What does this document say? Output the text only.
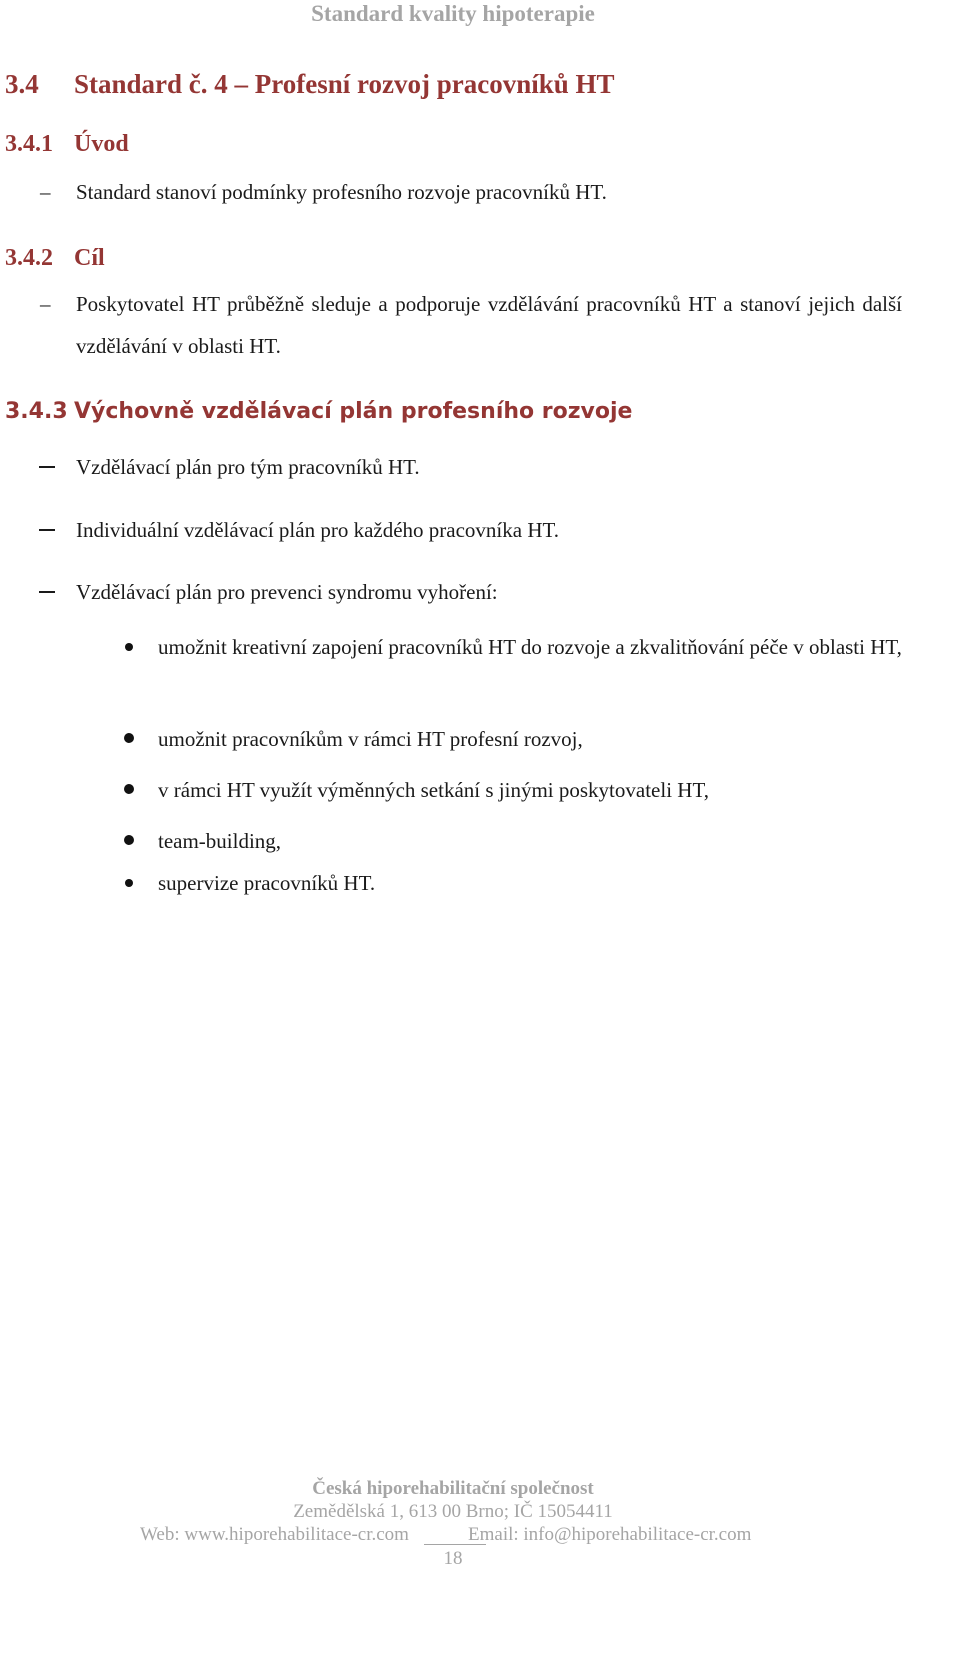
Standard kvality hipoterapie
3.4 Standard č. 4 – Profesní rozvoj pracovníků HT
3.4.1 Úvod
– Standard stanoví podmínky profesního rozvoje pracovníků HT.
3.4.2 Cíl
– Poskytovatel HT průběžně sleduje a podporuje vzdělávání pracovníků HT a stanoví jejich další vzdělávání v oblasti HT.
3.4.3 Výchovně vzdělávací plán profesního rozvoje
Vzdělávací plán pro tým pracovníků HT.
Individuální vzdělávací plán pro každého pracovníka HT.
Vzdělávací plán pro prevenci syndromu vyhoření:
umožnit kreativní zapojení pracovníků HT do rozvoje a zkvalitňování péče v oblasti HT,
umožnit pracovníkům v rámci HT profesní rozvoj,
v rámci HT využít výměnných setkání s jinými poskytovateli HT,
team-building,
supervize pracovníků HT.
Česká hiporehabilitační společnost
Zemědělská 1, 613 00 Brno; IČ 15054411
Web: www.hiporehabilitace-cr.com	Email: info@hiporehabilitace-cr.com
18
